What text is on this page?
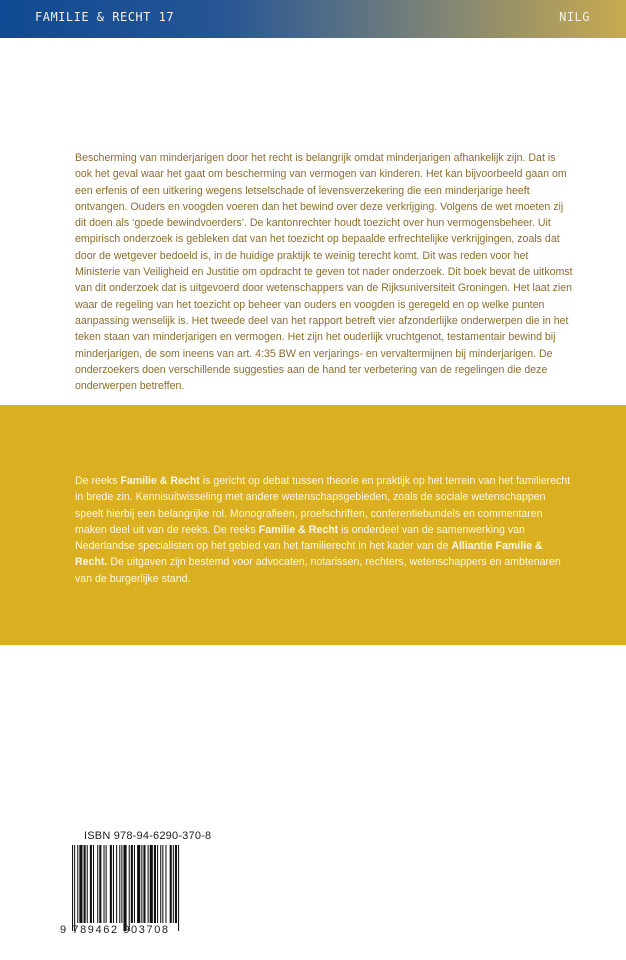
FAMILIE & RECHT 17	NILG

Bescherming van minderjarigen door het recht is belangrijk omdat minderjarigen afhankelijk zijn. Dat is ook het geval waar het gaat om bescherming van vermogen van kinderen. Het kan bijvoorbeeld gaan om een erfenis of een uitkering wegens letselschade of levensverzekering die een minderjarige heeft ontvangen. Ouders en voogden voeren dan het bewind over deze verkrijging. Volgens de wet moeten zij dit doen als ‘goede bewindvoerders’. De kantonrechter houdt toezicht over hun vermogensbeheer. Uit empirisch onderzoek is gebleken dat van het toezicht op bepaalde erfrechtelijke verkrijgingen, zoals dat door de wetgever bedoeld is, in de huidige praktijk te weinig terecht komt. Dit was reden voor het Ministerie van Veiligheid en Justitie om opdracht te geven tot nader onderzoek. Dit boek bevat de uitkomst van dit onderzoek dat is uitgevoerd door wetenschappers van de Rijksuniversiteit Groningen. Het laat zien waar de regeling van het toezicht op beheer van ouders en voogden is geregeld en op welke punten aanpassing wenselijk is. Het tweede deel van het rapport betreft vier afzonderlijke onderwerpen die in het teken staan van minderjarigen en vermogen. Het zijn het ouderlijk vruchtgenot, testamentair bewind bij minderjarigen, de som ineens van art. 4:35 BW en verjarings- en vervaltermijnen bij minderjarigen. De onderzoekers doen verschillende suggesties aan de hand ter verbetering van de regelingen die deze onderwerpen betreffen.

De reeks Familie & Recht is gericht op debat tussen theorie en praktijk op het terrein van het familierecht in brede zin. Kennisuitwisseling met andere wetenschapsgebieden, zoals de sociale wetenschappen speelt hierbij een belangrijke rol. Monografieën, proefschriften, conferentiebundels en commentaren maken deel uit van de reeks. De reeks Familie & Recht is onderdeel van de samenwerking van Nederlandse specialisten op het gebied van het familierecht in het kader van de Alliantie Familie & Recht. De uitgaven zijn bestemd voor advocaten, notarissen, rechters, wetenschappers en ambtenaren van de burgerlijke stand.

ISBN 978-94-6290-370-8
9 789462 903708
